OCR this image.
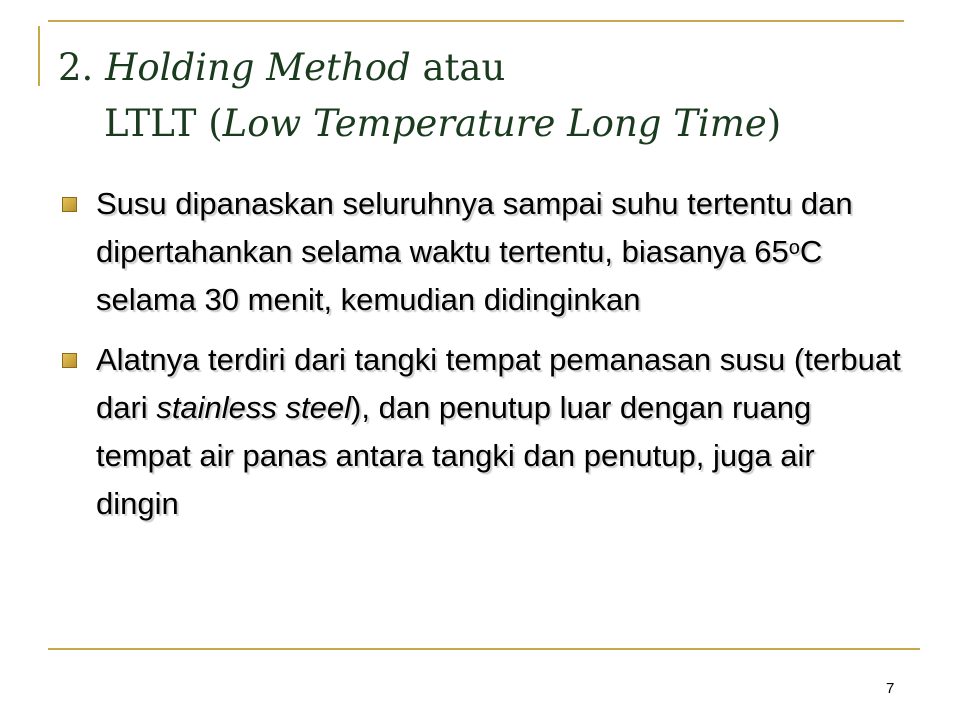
2. Holding Method atau
LTLT (Low Temperature Long Time)
Susu dipanaskan seluruhnya sampai suhu tertentu dan dipertahankan selama waktu tertentu, biasanya 65$^o$C selama 30 menit, kemudian didinginkan
Alatnya terdiri dari tangki tempat pemanasan susu (terbuat dari stainless steel), dan penutup luar dengan ruang tempat air panas antara tangki dan penutup, juga air dingin
7
